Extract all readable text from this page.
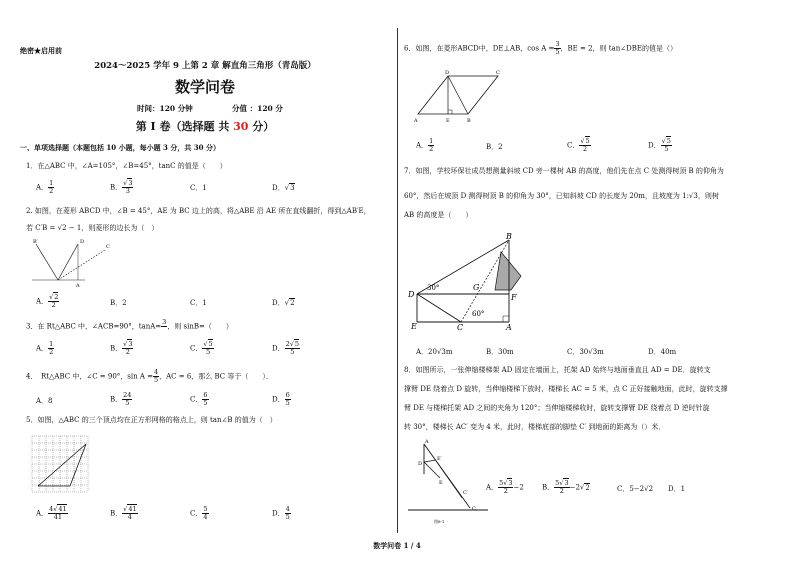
绝密★启用前
2024～2025 学年 9 上第 2 章 解直角三角形（青岛版）
数学问卷
时间：120 分钟	分值 ：120 分
第 I 卷（选择题 共 30 分）
一、单项选择题（本题包括 10 小题，每小题 3 分，共 30 分）
1．在△ABC 中，∠A=105°，∠B=45°，tanC 的值是（　　）
A． $\frac{1}{2}$	B． $\frac{√3}{3}$	C．1	D．√3
2. 如图，在菱形 ABCD 中，∠B = 45°，AE 为 BC 边上的高，将△ABE 沿 AE 所在直线翻折，得到△AB′E，
若 C′B = √2 − 1，则菱形的边长为（　）
B′	D
A
C
A． $\frac{√2}{2}$	B．2	C．1	D．√2
3．在 Rt△ABC 中，∠ACB=90°，tanA=
3

，则 sinB=（　　）
A． $\frac{1}{2}$	B． $\frac{√3}{2}$	C． $\frac{√5}{5}$	D． $\frac{2√5}{5}$
4．　Rt△ABC 中，∠C = 90°，$\sin A = \frac{4}{5}$ ，AC = 6，那么 BC 等于（　　）．
A．8	B． $\frac{24}{5}$	C． $\frac{6}{5}$	D． $\frac{6}{5}$
5．如图，△ABC 的三个顶点均在正方形网格的格点上，则 tan∠B 的值为（　）
A． $\frac{4√41}{41}$	B． $\frac{√41}{4}$	C． $\frac{5}{4}$	D． $\frac{4}{5}$
6．如图，在菱形ABCD中，DE⊥AB，$\cos A = \frac{3}{5}$ ，BE = 2，则 tan∠DBE的值是（）
D	C
A	E	B
A． $\frac{1}{2}$	B．2	C． $\frac{√5}{2}$	D． $\frac{√5}{5}$
7．如图，学校环保社成员想测量斜坡 CD 旁一棵树 AB 的高度，他们先在点 C 处测得树顶 B 的仰角为
60°，然后在坡顶 D 测得树顶 B 的仰角为 30°，已知斜坡 CD 的长度为 20m，且坡度为 1:√3，则树
AB 的高度是（　　）
B
D
30°	G
F
E	C
60°
A
A．20√3m	B．30m	C．30√3m	D．40m
8．如图所示，一张伸缩楼梯架 AD 固定在墙面上，托架 AD 始终与地面垂直且 AD = DE．旋转支
撑臂 DE 绕着点 D 旋转，当伸缩楼梯下放时，楼梯长 AC = 5 米，点 C 正好接触地面，此时，旋转支撑
臂 DE 与楼梯托架 AD 之间的夹角为 120°；当伸缩楼梯收时，旋转支撑臂 DE 绕着点 D 逆时针旋
转 30°，楼梯长 AC′ 变为 4 米，此时，楼梯底部的脚垫 C′ 到地面的距离为（）米．
A
D
E′
E
C′
C
图8-1
A． $\frac{5√3}{2} -2$	B． $\frac{5√3}{2} -2√2$	C．5−2√2 D．1
数学问卷 1 / 4
